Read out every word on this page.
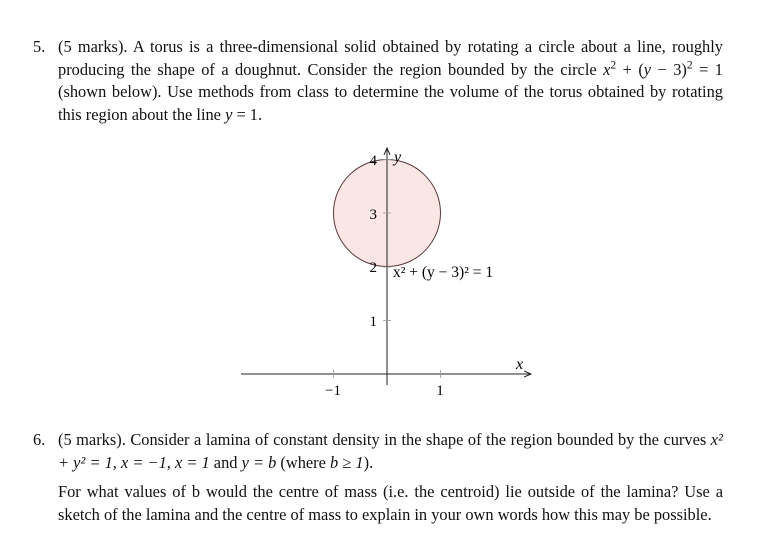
5. (5 marks). A torus is a three-dimensional solid obtained by rotating a circle about a line, roughly producing the shape of a doughnut. Consider the region bounded by the circle $x^2 + (y - 3)^2 = 1$ (shown below). Use methods from class to determine the volume of the torus obtained by rotating this region about the line y = 1.
−1	1
1
2
3
4
x
y
x² + (y − 3)² = 1
6. (5 marks). Consider a lamina of constant density in the shape of the region bounded by the curves x² + y² = 1, x = −1, x = 1 and y = b (where b ≥ 1).
For what values of b would the centre of mass (i.e. the centroid) lie outside of the lamina? Use a sketch of the lamina and the centre of mass to explain in your own words how this may be possible.
